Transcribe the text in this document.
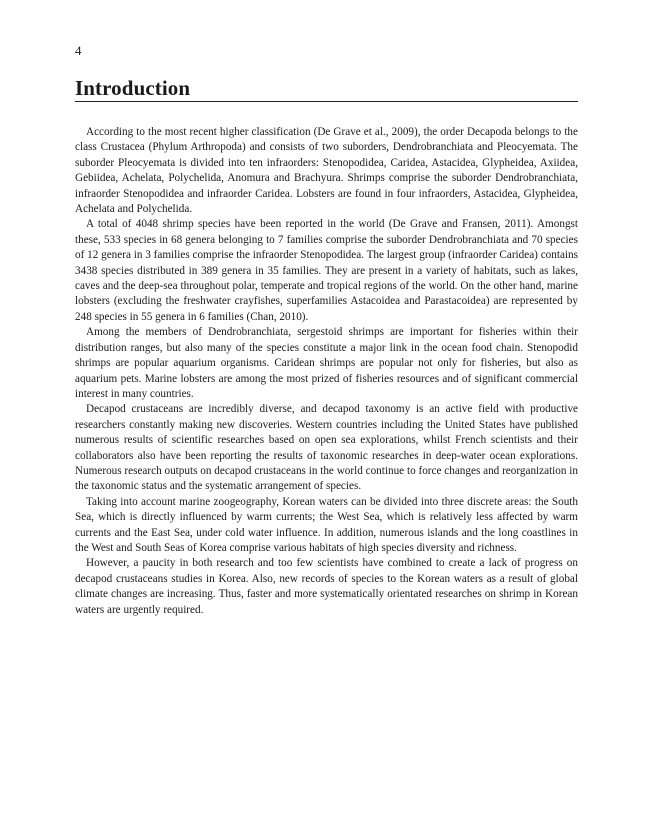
4
Introduction

According to the most recent higher classification (De Grave et al., 2009), the order Decapoda belongs to the class Crustacea (Phylum Arthropoda) and consists of two suborders, Dendrobranchiata and Pleocyemata. The suborder Pleocyemata is divided into ten infraorders: Stenopodidea, Caridea, Astacidea, Glypheidea, Axiidea, Gebiidea, Achelata, Polychelida, Anomura and Brachyura. Shrimps comprise the suborder Dendrobranchiata, infraorder Stenopodidea and infraorder Caridea. Lobsters are found in four infraorders, Astacidea, Glypheidea, Achelata and Polychelida.

A total of 4048 shrimp species have been reported in the world (De Grave and Fransen, 2011). Amongst these, 533 species in 68 genera belonging to 7 families comprise the suborder Dendrobranchiata and 70 species of 12 genera in 3 families comprise the infraorder Stenopodidea. The largest group (infraorder Caridea) contains 3438 species distributed in 389 genera in 35 families. They are present in a variety of habitats, such as lakes, caves and the deep-sea throughout polar, temperate and tropical regions of the world. On the other hand, marine lobsters (excluding the freshwater crayfishes, superfamilies Astacoidea and Parastacoidea) are represented by 248 species in 55 genera in 6 families (Chan, 2010).

Among the members of Dendrobranchiata, sergestoid shrimps are important for fisheries within their distribution ranges, but also many of the species constitute a major link in the ocean food chain. Stenopodid shrimps are popular aquarium organisms. Caridean shrimps are popular not only for fisheries, but also as aquarium pets. Marine lobsters are among the most prized of fisheries resources and of significant commercial interest in many countries.

Decapod crustaceans are incredibly diverse, and decapod taxonomy is an active field with productive researchers constantly making new discoveries. Western countries including the United States have published numerous results of scientific researches based on open sea explorations, whilst French scientists and their collaborators also have been reporting the results of taxonomic researches in deep-water ocean explorations. Numerous research outputs on decapod crustaceans in the world continue to force changes and reorganization in the taxonomic status and the systematic arrangement of species.

Taking into account marine zoogeography, Korean waters can be divided into three discrete areas: the South Sea, which is directly influenced by warm currents; the West Sea, which is relatively less affected by warm currents and the East Sea, under cold water influence. In addition, numerous islands and the long coastlines in the West and South Seas of Korea comprise various habitats of high species diversity and richness.

However, a paucity in both research and too few scientists have combined to create a lack of progress on decapod crustaceans studies in Korea. Also, new records of species to the Korean waters as a result of global climate changes are increasing. Thus, faster and more systematically orientated researches on shrimp in Korean waters are urgently required.
